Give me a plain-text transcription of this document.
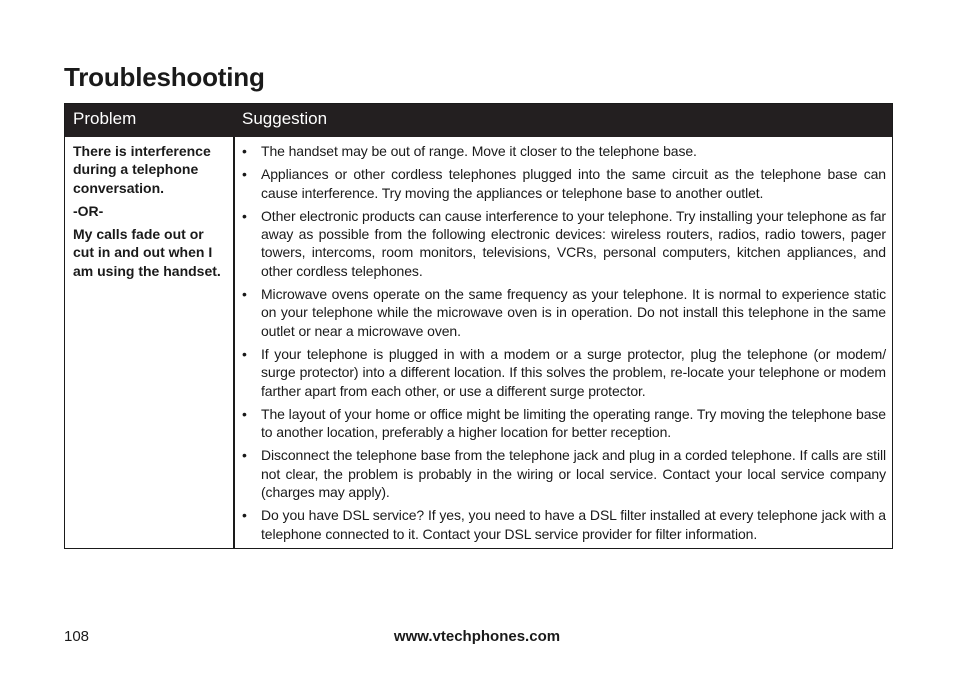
Troubleshooting
Problem	Suggestion

There is interference during a telephone conversation.

-OR-

My calls fade out or cut in and out when I am using the handset.

• The handset may be out of range. Move it closer to the telephone base.
• Appliances or other cordless telephones plugged into the same circuit as the telephone base can cause interference. Try moving the appliances or telephone base to another outlet.
• Other electronic products can cause interference to your telephone. Try installing your telephone as far away as possible from the following electronic devices: wireless routers, radios, radio towers, pager towers, intercoms, room monitors, televisions, VCRs, personal computers, kitchen appliances, and other cordless telephones.
• Microwave ovens operate on the same frequency as your telephone. It is normal to experience static on your telephone while the microwave oven is in operation. Do not install this telephone in the same outlet or near a microwave oven.
• If your telephone is plugged in with a modem or a surge protector, plug the telephone (or modem/ surge protector) into a different location. If this solves the problem, re-locate your telephone or modem farther apart from each other, or use a different surge protector.
• The layout of your home or office might be limiting the operating range. Try moving the telephone base to another location, preferably a higher location for better reception.
• Disconnect the telephone base from the telephone jack and plug in a corded telephone. If calls are still not clear, the problem is probably in the wiring or local service. Contact your local service company (charges may apply).
• Do you have DSL service? If yes, you need to have a DSL filter installed at every telephone jack with a telephone connected to it. Contact your DSL service provider for filter information.
108	www.vtechphones.com
